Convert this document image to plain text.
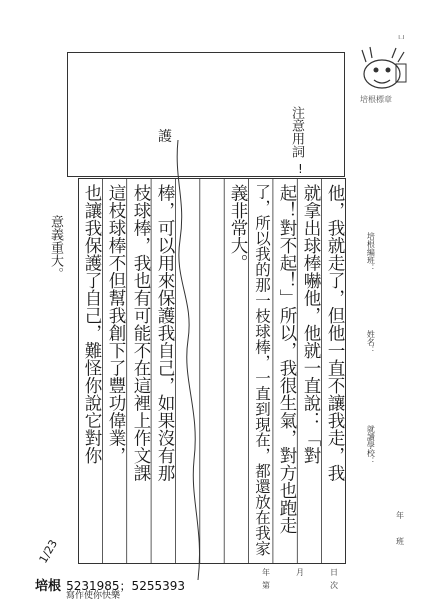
ப
培根標章
護	注意用詞
!
他，我就走了，但他一直不讓我走，我
就拿出球棒嚇他，他就一直說：「對
起！對不起！」所以，我很生氣，對方也跑走
了，所以我的那一枝球棒，一直到現在，都還放在我家
義非常大。
棒，可以用來保護我自己，如果沒有那
枝球棒，我也有可能不在這裡上作文課
這枝球棒不但幫我創下了豐功偉業，
也讓我保護了自己，難怪你說它對你
意義重大。	培根編班：
姓名：
就讀學校：
年
班
年	月	日
第	次
1/23
培根 5231985；5255393
寫作使你快樂
